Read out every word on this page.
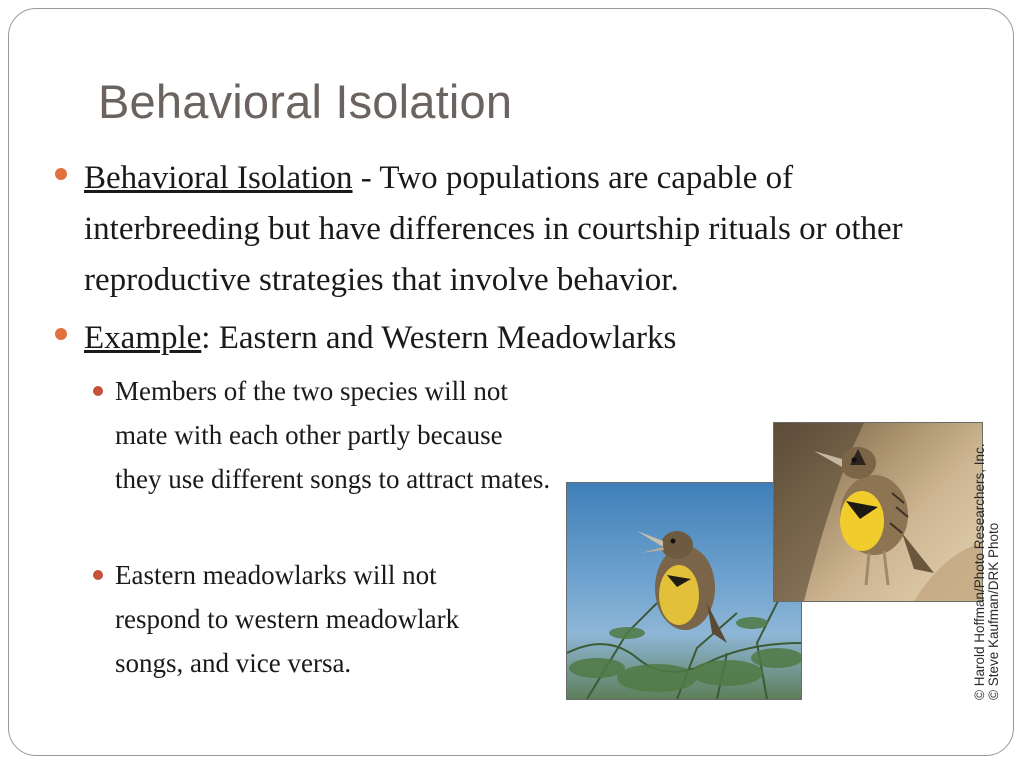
Behavioral Isolation
Behavioral Isolation - Two populations are capable of interbreeding but have differences in courtship rituals or other reproductive strategies that involve behavior.
Example: Eastern and Western Meadowlarks
Members of the two species will not mate with each other partly because they use different songs to attract mates.
Eastern meadowlarks will not respond to western meadowlark songs, and vice versa.	© Harold Hoffman/Photo Researchers, Inc. © Steve Kaufman/DRK Photo
